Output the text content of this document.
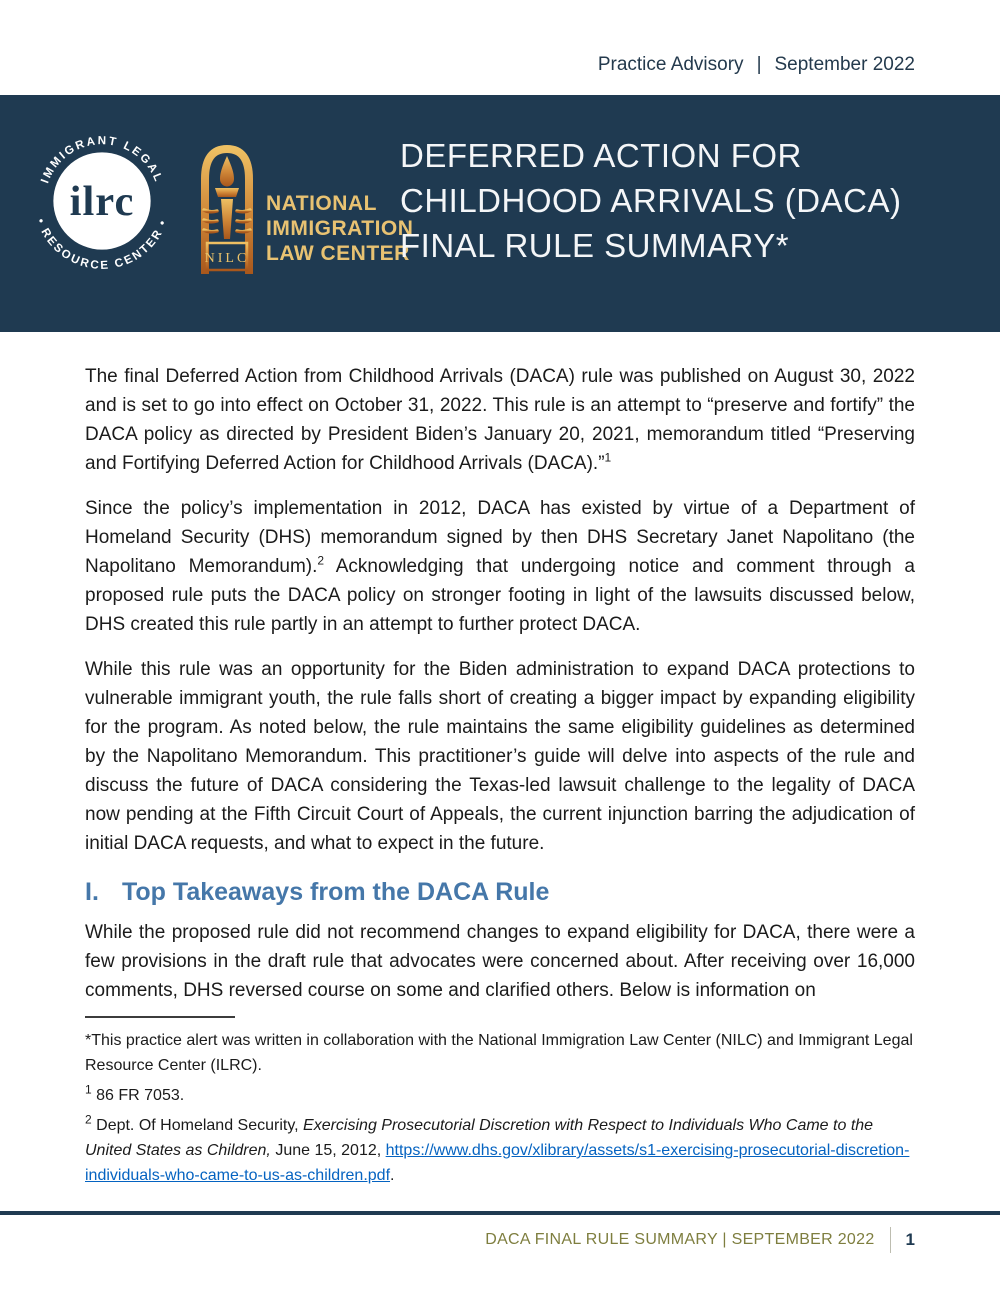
Practice Advisory | September 2022
IMMIGRANT LEGAL
• RESOURCE CENTER •
ilrc
NILC
NATIONAL
IMMIGRATION
LAW CENTER
DEFERRED ACTION FOR
CHILDHOOD ARRIVALS (DACA)
FINAL RULE SUMMARY*

The final Deferred Action from Childhood Arrivals (DACA) rule was published on August 30, 2022 and is set to go into effect on October 31, 2022. This rule is an attempt to “preserve and fortify” the DACA policy as directed by President Biden’s January 20, 2021, memorandum titled “Preserving and Fortifying Deferred Action for Childhood Arrivals (DACA).”$^1$

Since the policy’s implementation in 2012, DACA has existed by virtue of a Department of Homeland Security (DHS) memorandum signed by then DHS Secretary Janet Napolitano (the Napolitano Memorandum).$^2$ Acknowledging that undergoing notice and comment through a proposed rule puts the DACA policy on stronger footing in light of the lawsuits discussed below, DHS created this rule partly in an attempt to further protect DACA.

While this rule was an opportunity for the Biden administration to expand DACA protections to vulnerable immigrant youth, the rule falls short of creating a bigger impact by expanding eligibility for the program. As noted below, the rule maintains the same eligibility guidelines as determined by the Napolitano Memorandum. This practitioner’s guide will delve into aspects of the rule and discuss the future of DACA considering the Texas-led lawsuit challenge to the legality of DACA now pending at the Fifth Circuit Court of Appeals, the current injunction barring the adjudication of initial DACA requests, and what to expect in the future.

I. Top Takeaways from the DACA Rule

While the proposed rule did not recommend changes to expand eligibility for DACA, there were a few provisions in the draft rule that advocates were concerned about. After receiving over 16,000 comments, DHS reversed course on some and clarified others. Below is information on

*This practice alert was written in collaboration with the National Immigration Law Center (NILC) and Immigrant Legal Resource Center (ILRC).

$^1$ 86 FR 7053.

$^2$ Dept. Of Homeland Security, Exercising Prosecutorial Discretion with Respect to Individuals Who Came to the United States as Children, June 15, 2012, https://www.dhs.gov/xlibrary/assets/s1-exercising-prosecutorial-discretion-individuals-who-came-to-us-as-children.pdf.

DACA FINAL RULE SUMMARY | SEPTEMBER 2022 1
